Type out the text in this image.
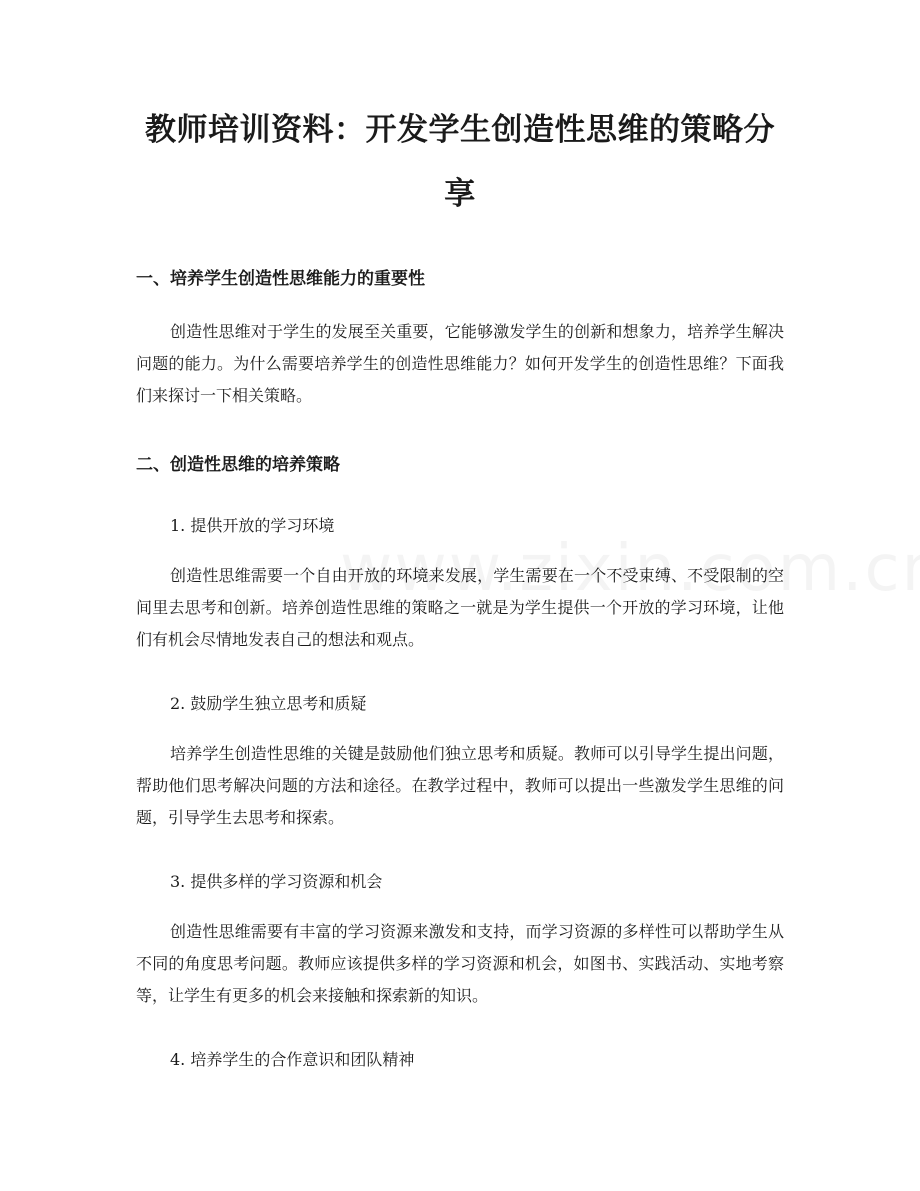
教师培训资料：开发学生创造性思维的策略分享
一、培养学生创造性思维能力的重要性

创造性思维对于学生的发展至关重要，它能够激发学生的创新和想象力，培养学生解决问题的能力。为什么需要培养学生的创造性思维能力？如何开发学生的创造性思维？下面我们来探讨一下相关策略。

二、创造性思维的培养策略

1. 提供开放的学习环境

创造性思维需要一个自由开放的环境来发展，学生需要在一个不受束缚、不受限制的空间里去思考和创新。培养创造性思维的策略之一就是为学生提供一个开放的学习环境，让他们有机会尽情地发表自己的想法和观点。

2. 鼓励学生独立思考和质疑

培养学生创造性思维的关键是鼓励他们独立思考和质疑。教师可以引导学生提出问题，帮助他们思考解决问题的方法和途径。在教学过程中，教师可以提出一些激发学生思维的问题，引导学生去思考和探索。

3. 提供多样的学习资源和机会

创造性思维需要有丰富的学习资源来激发和支持，而学习资源的多样性可以帮助学生从不同的角度思考问题。教师应该提供多样的学习资源和机会，如图书、实践活动、实地考察等，让学生有更多的机会来接触和探索新的知识。

4. 培养学生的合作意识和团队精神
